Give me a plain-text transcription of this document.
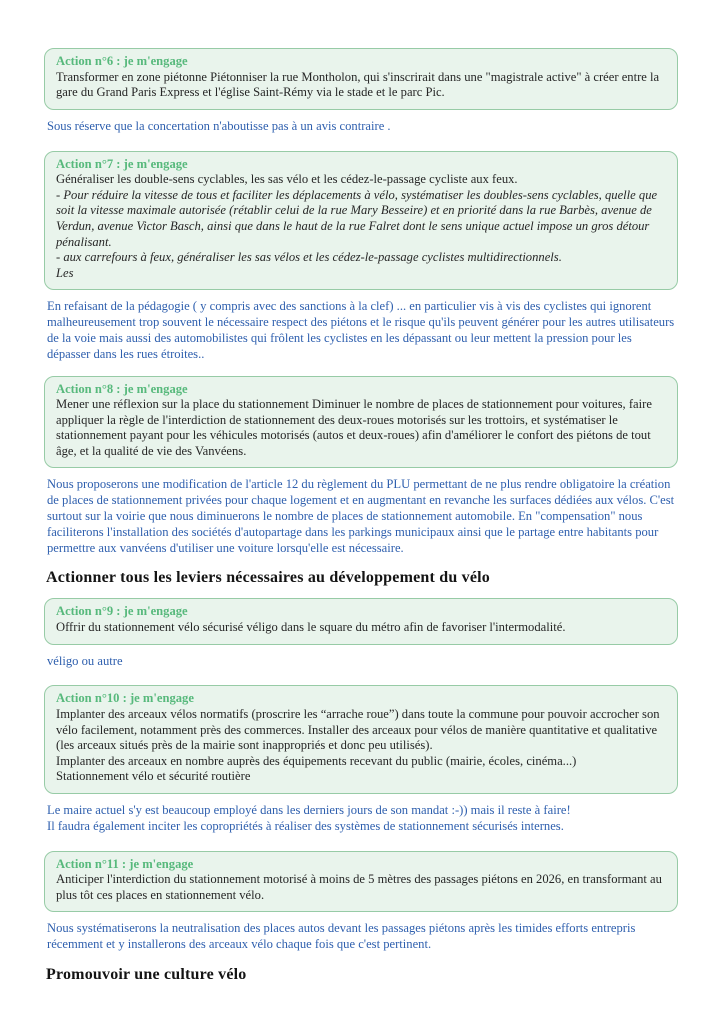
Action n°6 : je m'engage

Transformer en zone piétonne Piétonniser la rue Montholon, qui s'inscrirait dans une "magistrale active" à créer entre la gare du Grand Paris Express et l'église Saint-Rémy via le stade et le parc Pic.

Sous réserve que la concertation n'aboutisse pas à un avis contraire .

Action n°7 : je m'engage

Généraliser les double-sens cyclables, les sas vélo et les cédez-le-passage cycliste aux feux.

- Pour réduire la vitesse de tous et faciliter les déplacements à vélo, systématiser les doubles-sens cyclables, quelle que soit la vitesse maximale autorisée (rétablir celui de la rue Mary Besseire) et en priorité dans la rue Barbès, avenue de Verdun, avenue Victor Basch, ainsi que dans le haut de la rue Falret dont le sens unique actuel impose un gros détour pénalisant.

- aux carrefours à feux, généraliser les sas vélos et les cédez-le-passage cyclistes multidirectionnels.

Les

En refaisant de la pédagogie ( y compris avec des sanctions à la clef) ... en particulier vis à vis des cyclistes qui ignorent malheureusement trop souvent le nécessaire respect des piétons et le risque qu'ils peuvent générer pour les autres utilisateurs de la voie mais aussi des automobilistes qui frôlent les cyclistes en les dépassant ou leur mettent la pression pour les dépasser dans les rues étroites..

Action n°8 : je m'engage

Mener une réflexion sur la place du stationnement Diminuer le nombre de places de stationnement pour voitures, faire appliquer la règle de l'interdiction de stationnement des deux-roues motorisés sur les trottoirs, et systématiser le stationnement payant pour les véhicules motorisés (autos et deux-roues) afin d'améliorer le confort des piétons de tout âge, et la qualité de vie des Vanvéens.

Nous proposerons une modification de l'article 12 du règlement du PLU permettant de ne plus rendre obligatoire la création de places de stationnement privées pour chaque logement et en augmentant en revanche les surfaces dédiées aux vélos. C'est surtout sur la voirie que nous diminuerons le nombre de places de stationnement automobile. En "compensation" nous faciliterons l'installation des sociétés d'autopartage dans les parkings municipaux ainsi que le partage entre habitants pour permettre aux vanvéens d'utiliser une voiture lorsqu'elle est nécessaire.

Actionner tous les leviers nécessaires au développement du vélo

Action n°9 : je m'engage

Offrir du stationnement vélo sécurisé véligo dans le square du métro afin de favoriser l'intermodalité.

véligo ou autre

Action n°10 : je m'engage

Implanter des arceaux vélos normatifs (proscrire les “arrache roue”) dans toute la commune pour pouvoir accrocher son vélo facilement, notamment près des commerces. Installer des arceaux pour vélos de manière quantitative et qualitative (les arceaux situés près de la mairie sont inappropriés et donc peu utilisés).

Implanter des arceaux en nombre auprès des équipements recevant du public (mairie, écoles, cinéma...)

Stationnement vélo et sécurité routière

Le maire actuel s'y est beaucoup employé dans les derniers jours de son mandat :-)) mais il reste à faire!

Il faudra également inciter les copropriétés à réaliser des systèmes de stationnement sécurisés internes.

Action n°11 : je m'engage

Anticiper l'interdiction du stationnement motorisé à moins de 5 mètres des passages piétons en 2026, en transformant au plus tôt ces places en stationnement vélo.

Nous systématiserons la neutralisation des places autos devant les passages piétons après les timides efforts entrepris récemment et y installerons des arceaux vélo chaque fois que c'est pertinent.

Promouvoir une culture vélo
